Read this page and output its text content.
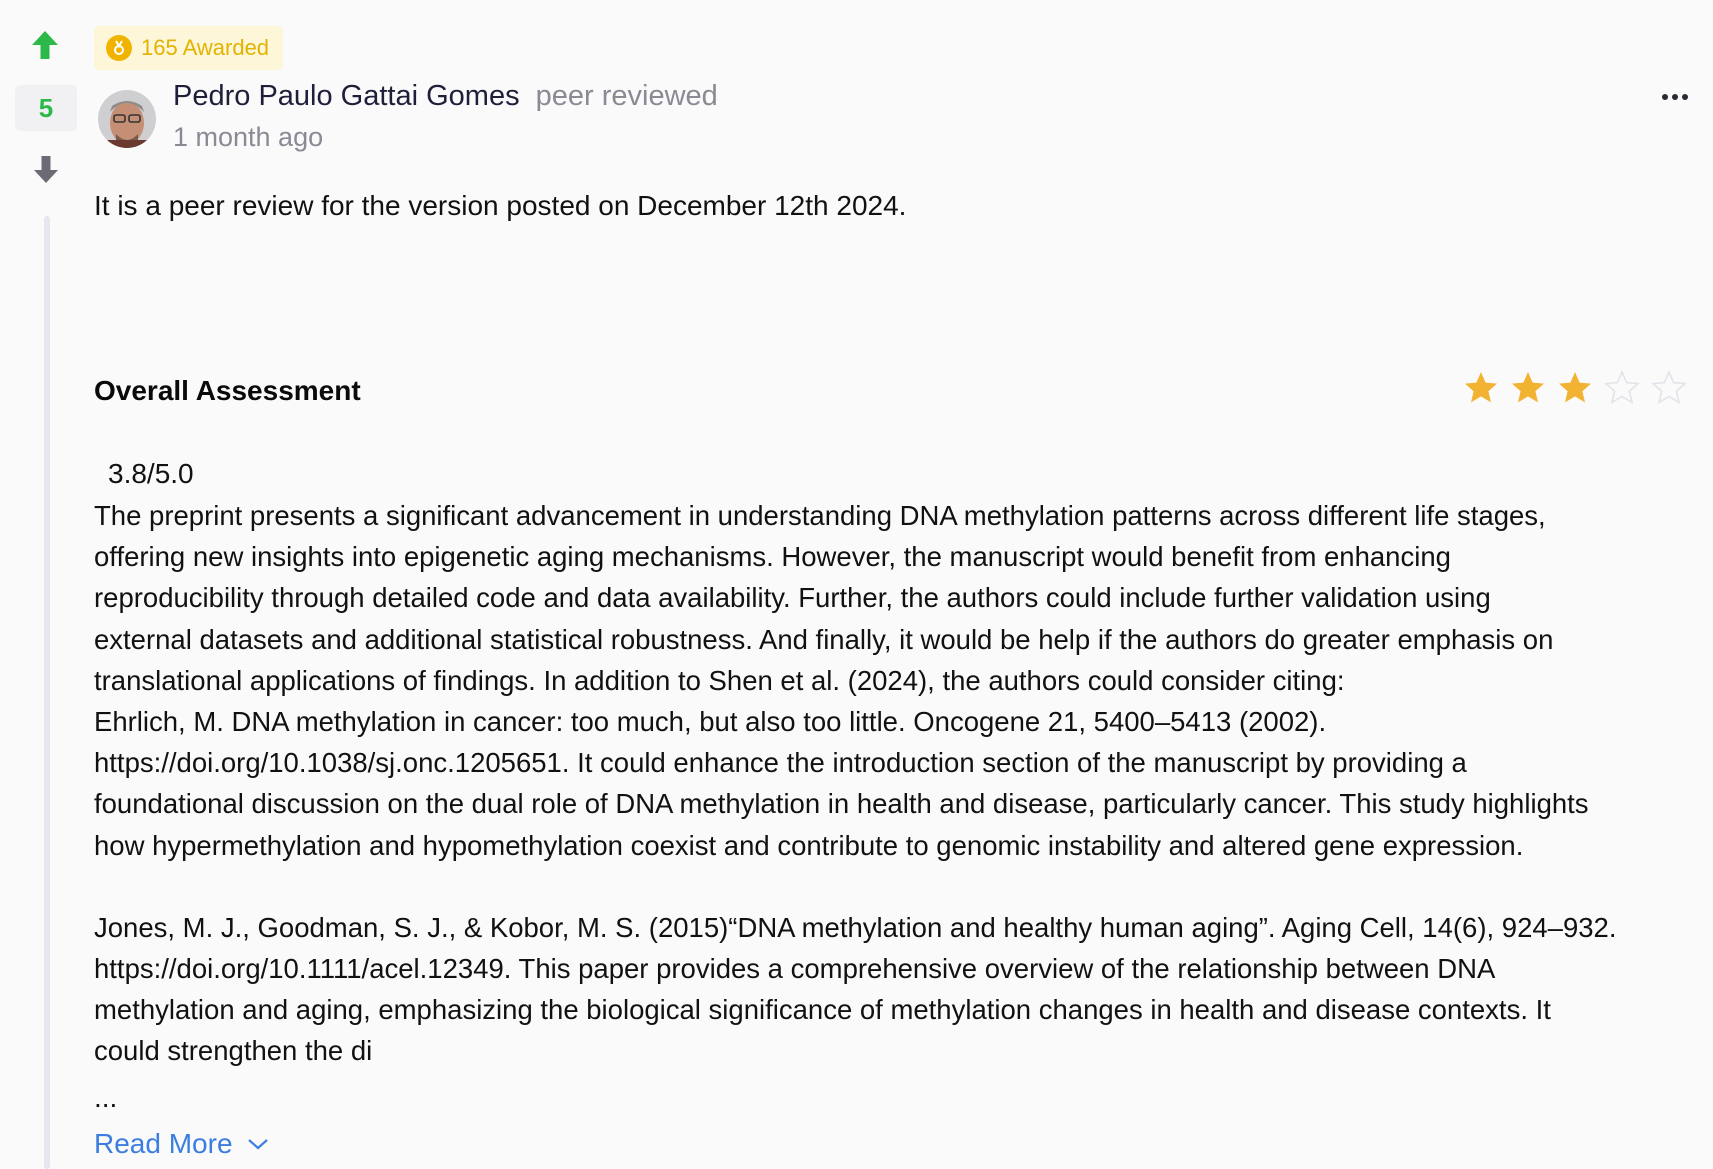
5
165 Awarded
Pedro Paulo Gattai Gomes peer reviewed
1 month ago
It is a peer review for the version posted on December 12th 2024.
Overall Assessment
3.8/5.0

The preprint presents a significant advancement in understanding DNA methylation patterns across different life stages,

offering new insights into epigenetic aging mechanisms. However, the manuscript would benefit from enhancing

reproducibility through detailed code and data availability. Further, the authors could include further validation using

external datasets and additional statistical robustness. And finally, it would be help if the authors do greater emphasis on

translational applications of findings. In addition to Shen et al. (2024), the authors could consider citing:

Ehrlich, M. DNA methylation in cancer: too much, but also too little. Oncogene 21, 5400–5413 (2002).

https://doi.org/10.1038/sj.onc.1205651. It could enhance the introduction section of the manuscript by providing a

foundational discussion on the dual role of DNA methylation in health and disease, particularly cancer. This study highlights

how hypermethylation and hypomethylation coexist and contribute to genomic instability and altered gene expression.

Jones, M. J., Goodman, S. J., & Kobor, M. S. (2015)“DNA methylation and healthy human aging”. Aging Cell, 14(6), 924–932.

https://doi.org/10.1111/acel.12349. This paper provides a comprehensive overview of the relationship between DNA

methylation and aging, emphasizing the biological significance of methylation changes in health and disease contexts. It

could strengthen the di

...
Read More
